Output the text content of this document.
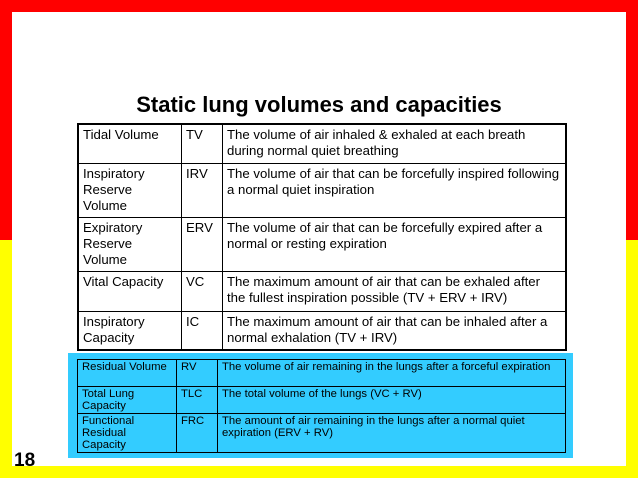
Static lung volumes and capacities
Tidal Volume	TV	The volume of air inhaled & exhaled at each breath during normal quiet breathing
Inspiratory Reserve Volume	IRV	The volume of air that can be forcefully inspired following a normal quiet inspiration
Expiratory Reserve Volume	ERV	The volume of air that can be forcefully expired after a normal or resting expiration
Vital Capacity	VC	The maximum amount of air that can be exhaled after the fullest inspiration possible (TV + ERV + IRV)
Inspiratory Capacity	IC	The maximum amount of air that can be inhaled after a normal exhalation (TV + IRV)
Residual Volume	RV	The volume of air remaining in the lungs after a forceful expiration
Total Lung Capacity	TLC	The total volume of the lungs (VC + RV)
Functional Residual Capacity	FRC	The amount of air remaining in the lungs after a normal quiet expiration (ERV + RV)
18
